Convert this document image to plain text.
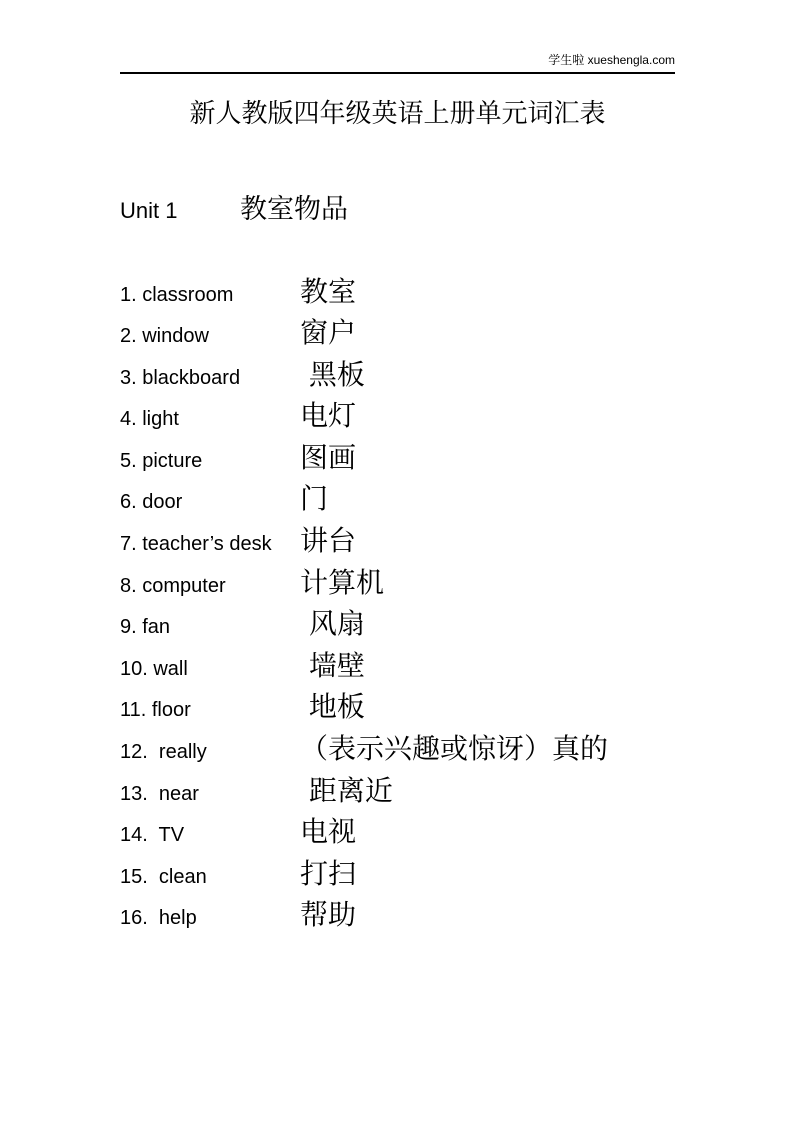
学生啦 xueshengla.com
新人教版四年级英语上册单元词汇表
Unit 1	教室物品
1. classroom	教室
2. window	窗户
3. blackboard	黑板
4. light	电灯
5. picture	图画
6. door	门
7. teacher’s desk	讲台
8. computer	计算机
9. fan	风扇
10. wall	墙壁
11. floor	地板
12.  really	（表示兴趣或惊讶）真的
13.  near	距离近
14.  TV	电视
15.  clean	打扫
16.  help	帮助
